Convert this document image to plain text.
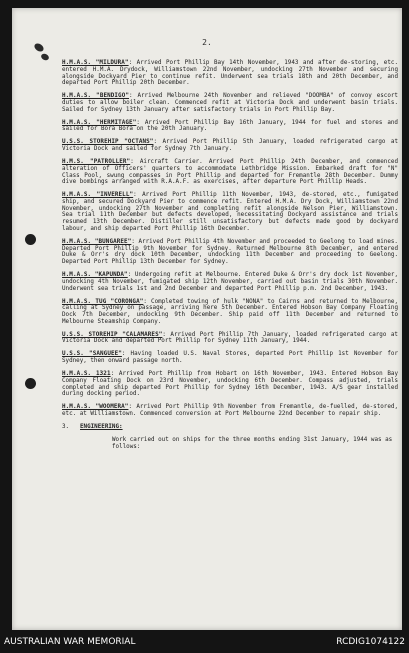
2.

H.M.A.S. "MILDURA": Arrived Port Phillip Bay 14th November, 1943 and after de-storing, etc. entered H.M.A. Drydock, Williamstown 22nd November, undocking 27th November and securing alongside Dockyard Pier to continue refit. Underwent sea trials 18th and 20th December, and departed Port Phillip 20th December.

H.M.A.S. "BENDIGO": Arrived Melbourne 24th November and relieved "DOOMBA" of convoy escort duties to allow boiler clean. Commenced refit at Victoria Dock and underwent basin trials. Sailed for Sydney 13th January after satisfactory trials in Port Phillip Bay.

H.M.A.S. "HERMITAGE": Arrived Port Phillip Bay 16th January, 1944 for fuel and stores and sailed for Bora Bora on the 20th January.

U.S.S. STOREHIP "OCTANS": Arrived Port Phillip 5th January, loaded refrigerated cargo at Victoria Dock and sailed for Sydney 7th January.

H.M.S. "PATROLLER": Aircraft Carrier. Arrived Port Phillip 24th December, and commenced alteration of Officers' quarters to accommodate Lethbridge Mission. Embarked draft for "N" Class Pool, swung compasses in Port Phillip and departed for Fremantle 28th December. Dummy dive bombings arranged with R.A.A.F. as exercises, after departure Port Phillip Heads.

H.M.A.S. "INVERELL": Arrived Port Phillip 11th November, 1943, de-stored, etc., fumigated ship, and secured Dockyard Pier to commence refit. Entered H.M.A. Dry Dock, Williamstown 22nd November, undocking 27th November and completing refit alongside Nelson Pier, Williamstown. Sea trial 11th December but defects developed, necessitating Dockyard assistance and trials resumed 13th December. Distiller still unsatisfactory but defects made good by dockyard labour, and ship departed Port Phillip 16th December.

H.M.A.S. "BUNGAREE": Arrived Port Phillip 4th November and proceeded to Geelong to load mines. Departed Port Phillip 9th November for Sydney. Returned Melbourne 8th December, and entered Duke & Orr's dry dock 10th December, undocking 11th December and proceeding to Geelong. Departed Port Phillip 13th December for Sydney.

H.M.A.S. "KAPUNDA": Undergoing refit at Melbourne. Entered Duke & Orr's dry dock 1st November, undocking 4th November, fumigated ship 12th November, carried out basin trials 30th November. Underwent sea trials 1st and 2nd December and departed Port Phillip p.m. 2nd December, 1943.

H.M.A.S. TUG "CORONGA": Completed towing of hulk "NONA" to Cairns and returned to Melbourne, calling at Sydney on passage, arriving here 5th December. Entered Hobson Bay Company Floating Dock 7th December, undocking 9th December. Ship paid off 11th December and returned to Melbourne Steamship Company.

U.S.S. STOREHIP "CALAMARES": Arrived Port Phillip 7th January, loaded refrigerated cargo at Victoria Dock and departed Port Phillip for Sydney 11th January, 1944.

U.S.S. "SANGUEE": Having loaded U.S. Naval Stores, departed Port Phillip 1st November for Sydney, then onward passage north.

H.M.A.S. 1321: Arrived Port Phillip from Hobart on 16th November, 1943. Entered Hobson Bay Company Floating Dock on 23rd November, undocking 6th December. Compass adjusted, trials completed and ship departed Port Phillip for Sydney 16th December, 1943. A/S gear installed during docking period.

H.M.A.S. "WOOMERA": Arrived Port Phillip 9th November from Fremantle, de-fuelled, de-stored, etc. at Williamstown. Commenced conversion at Port Melbourne 22nd December to repair ship.

3. ENGINEERING:

Work carried out on ships for the three months ending 31st January, 1944 was as follows:

AUSTRALIAN WAR MEMORIAL	RCDIG1074122
